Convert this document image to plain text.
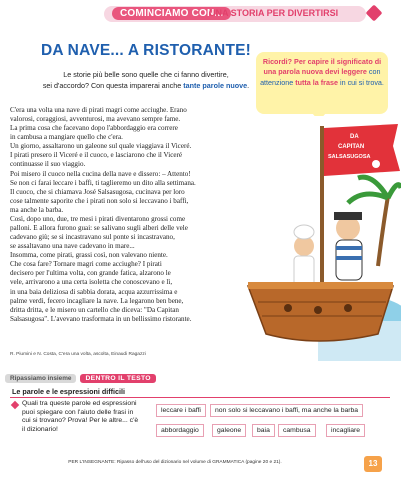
COMINCIAMO CON...
UNA STORIA PER DIVERTIRSI
DA NAVE... A RISTORANTE!
Le storie più belle sono quelle che ci fanno divertire,
sei d'accordo? Con questa imparerai anche tante parole nuove.
Ricordi? Per capire il significato di una parola nuova devi leggere con attenzione tutta la frase in cui si trova.

C'era una volta una nave di pirati magri come acciughe. Erano

valorosi, coraggiosi, avventurosi, ma avevano sempre fame.

La prima cosa che facevano dopo l'abbordaggio era correre

in cambusa a mangiare quello che c'era.

Un giorno, assaltarono un galeone sul quale viaggiava il Viceré.

I pirati presero il Viceré e il cuoco, e lasciarono che il Viceré

continuasse il suo viaggio.

Poi misero il cuoco nella cucina della nave e dissero: – Attento!

Se non ci farai leccare i baffi, ti taglieremo un dito alla settimana.

Il cuoco, che si chiamava José Salsasugosa, cucinava per loro

cose talmente saporite che i pirati non solo si leccavano i baffi,

ma anche la barba.

Così, dopo uno, due, tre mesi i pirati diventarono grossi come

palloni. E allora furono guai: se salivano sugli alberi delle vele

cadevano giù; se si incastravano sul ponte si incastravano,

se assaltavano una nave cadevano in mare...

Insomma, come pirati, grassi così, non valevano niente.

Che cosa fare? Tornare magri come acciughe? I pirati

decisero per l'ultima volta, con grande fatica, alzarono le

vele, arrivarono a una certa isoletta che conoscevano e lì,

in una baia deliziosa di sabbia dorata, acqua azzurrissima e

palme verdi, fecero incagliare la nave. La legarono ben bene,

dritta dritta, e le misero un cartello che diceva: "Da Capitan

Salsasugosa". L'avevano trasformata in un bellissimo ristorante.

R. Piumini e N. Costa, C'era una volta, ascolta, Einaudi Ragazzi
DA
CAPITAN
SALSASUGOSA
Ripassiamo insieme	DENTRO IL TESTO
Le parole e le espressioni difficili
Quali tra queste parole ed espressioni puoi spiegare con l'aiuto delle frasi in cui si trovano? Prova! Per le altre... c'è il dizionario!
leccare i baffi	non solo si leccavano i baffi, ma anche la barba
abbordaggio	galeone	baia	cambusa	incagliare
PER L'INSEGNANTE: Ripasso dell'uso del dizionario nel volume di GRAMMATICA (pagine 20 e 21).	13
